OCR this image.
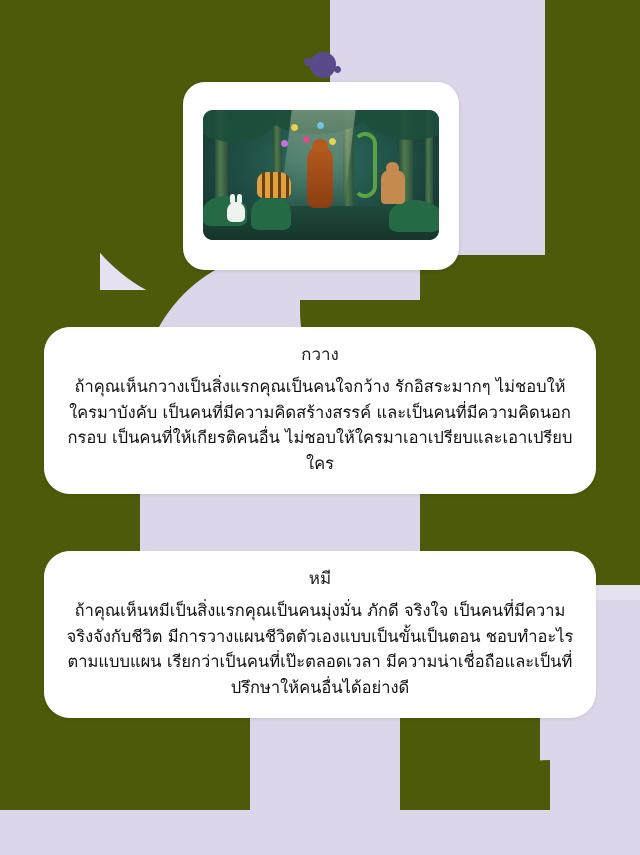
กวาง

ถ้าคุณเห็นกวางเป็นสิ่งแรกคุณเป็นคนใจกว้าง รักอิสระมากๆ ไม่ชอบให้ใครมาบังคับ เป็นคนที่มีความคิดสร้างสรรค์ และเป็นคนที่มีความคิดนอกกรอบ เป็นคนที่ให้เกียรติคนอื่น ไม่ชอบให้ใครมาเอาเปรียบและเอาเปรียบใคร

หมี

ถ้าคุณเห็นหมีเป็นสิ่งแรกคุณเป็นคนมุ่งมั่น ภักดี จริงใจ เป็นคนที่มีความจริงจังกับชีวิต มีการวางแผนชีวิตตัวเองแบบเป็นขั้นเป็นตอน ชอบทำอะไรตามแบบแผน เรียกว่าเป็นคนที่เป๊ะตลอดเวลา มีความน่าเชื่อถือและเป็นที่ปรึกษาให้คนอื่นได้อย่างดี
